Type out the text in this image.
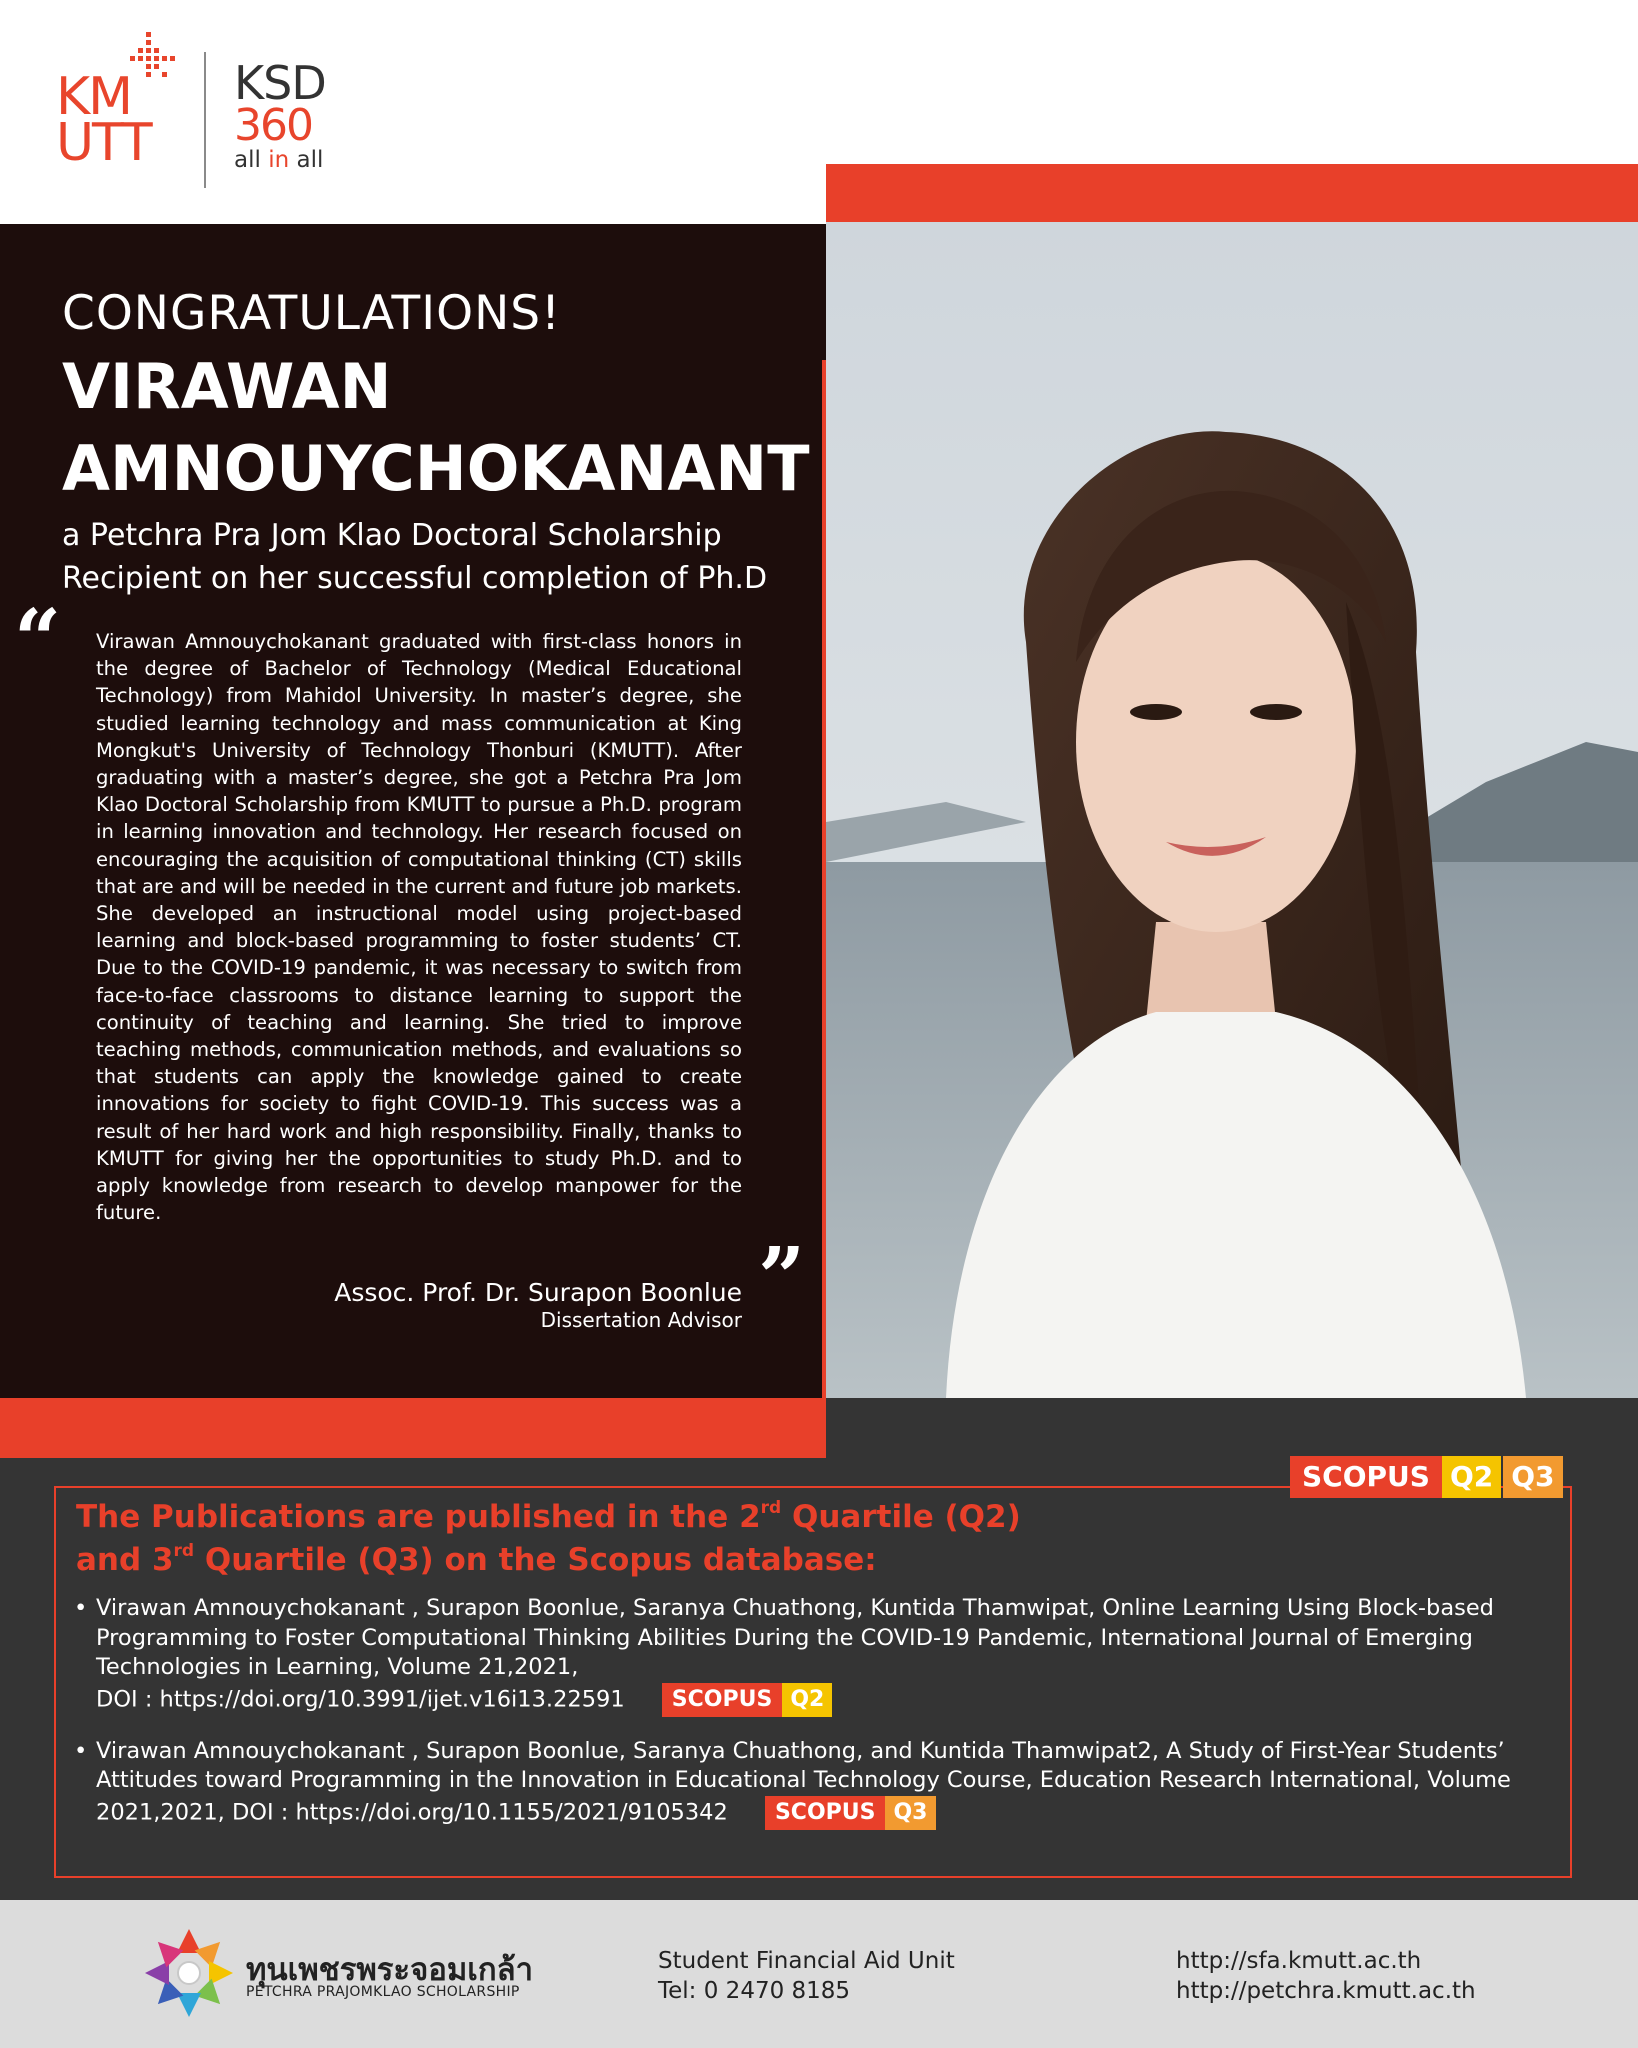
KM
UTT
KSD
360
all in all
CONGRATULATIONS!
VIRAWAN
AMNOUYCHOKANANT
a Petchra Pra Jom Klao Doctoral Scholarship
Recipient on her successful completion of Ph.D
“ Virawan Amnouychokanant graduated with first-class honors in the degree of Bachelor of Technology (Medical Educational Technology) from Mahidol University. In master’s degree, she studied learning technology and mass communication at King Mongkut's University of Technology Thonburi (KMUTT). After graduating with a master’s degree, she got a Petchra Pra Jom Klao Doctoral Scholarship from KMUTT to pursue a Ph.D. program in learning innovation and technology. Her research focused on encouraging the acquisition of computational thinking (CT) skills that are and will be needed in the current and future job markets. She developed an instructional model using project-based learning and block-based programming to foster students’ CT. Due to the COVID-19 pandemic, it was necessary to switch from face-to-face classrooms to distance learning to support the continuity of teaching and learning. She tried to improve teaching methods, communication methods, and evaluations so that students can apply the knowledge gained to create innovations for society to fight COVID-19. This success was a result of her hard work and high responsibility. Finally, thanks to KMUTT for giving her the opportunities to study Ph.D. and to apply knowledge from research to develop manpower for the future.
”
Assoc. Prof. Dr. Surapon Boonlue
Dissertation Advisor
SCOPUS Q2 Q3
The Publications are published in the 2rd Quartile (Q2)
and 3rd Quartile (Q3) on the Scopus database:
• Virawan Amnouychokanant , Surapon Boonlue, Saranya Chuathong, Kuntida Thamwipat, Online Learning Using Block-based Programming to Foster Computational Thinking Abilities During the COVID-19 Pandemic, International Journal of Emerging Technologies in Learning, Volume 21,2021,
DOI : https://doi.org/10.3991/ijet.v16i13.22591	SCOPUS Q2
• Virawan Amnouychokanant , Surapon Boonlue, Saranya Chuathong, and Kuntida Thamwipat2, A Study of First-Year Students’ Attitudes toward Programming in the Innovation in Educational Technology Course, Education Research International, Volume 2021,2021, DOI : https://doi.org/10.1155/2021/9105342	SCOPUS Q3
ทุนเพชรพระจอมเกล้า
PETCHRA PRAJOMKLAO SCHOLARSHIP
Student Financial Aid Unit
Tel: 0 2470 8185
http://sfa.kmutt.ac.th
http://petchra.kmutt.ac.th
